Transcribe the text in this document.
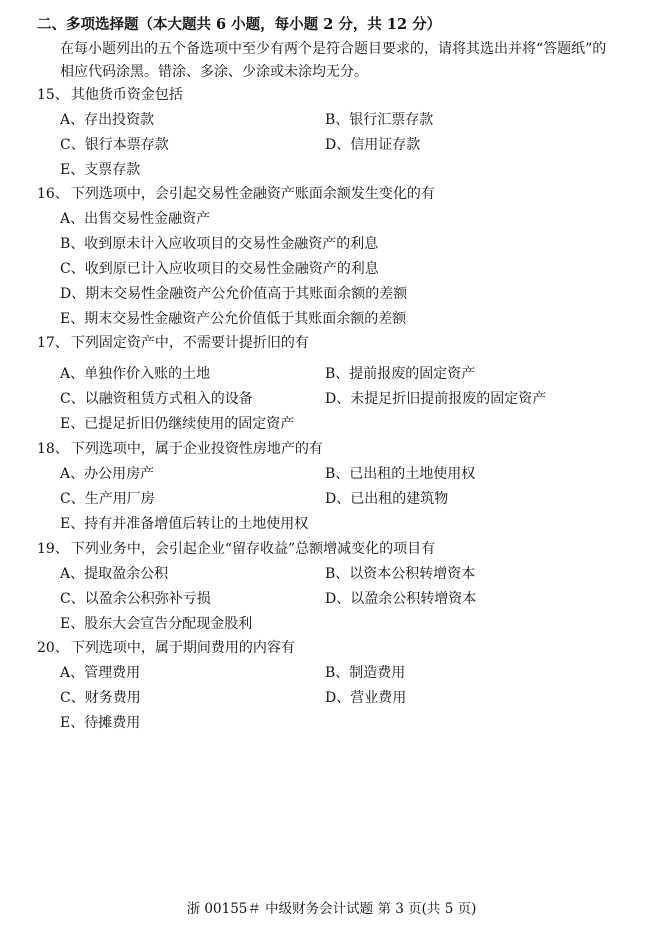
二、多项选择题（本大题共 6 小题，每小题 2 分，共 12 分）
在每小题列出的五个备选项中至少有两个是符合题目要求的，请将其选出并将“答题纸”的相应代码涂黑。错涂、多涂、少涂或未涂均无分。
15、 其他货币资金包括
A、存出投资款	B、银行汇票存款
C、银行本票存款	D、信用证存款
E、支票存款
16、 下列选项中，会引起交易性金融资产账面余额发生变化的有
A、出售交易性金融资产
B、收到原未计入应收项目的交易性金融资产的利息
C、收到原已计入应收项目的交易性金融资产的利息
D、期末交易性金融资产公允价值高于其账面余额的差额
E、期末交易性金融资产公允价值低于其账面余额的差额
17、 下列固定资产中，不需要计提折旧的有
A、单独作价入账的土地	B、提前报废的固定资产
C、以融资租赁方式租入的设备	D、未提足折旧提前报废的固定资产
E、已提足折旧仍继续使用的固定资产
18、 下列选项中，属于企业投资性房地产的有
A、办公用房产	B、已出租的土地使用权
C、生产用厂房	D、已出租的建筑物
E、持有并准备增值后转让的土地使用权
19、 下列业务中，会引起企业“留存收益”总额增减变化的项目有
A、提取盈余公积	B、以资本公积转增资本
C、以盈余公积弥补亏损	D、以盈余公积转增资本
E、股东大会宣告分配现金股利
20、 下列选项中，属于期间费用的内容有
A、管理费用	B、制造费用
C、财务费用	D、营业费用
E、待摊费用
浙 00155＃ 中级财务会计试题 第 3 页(共 5 页)
